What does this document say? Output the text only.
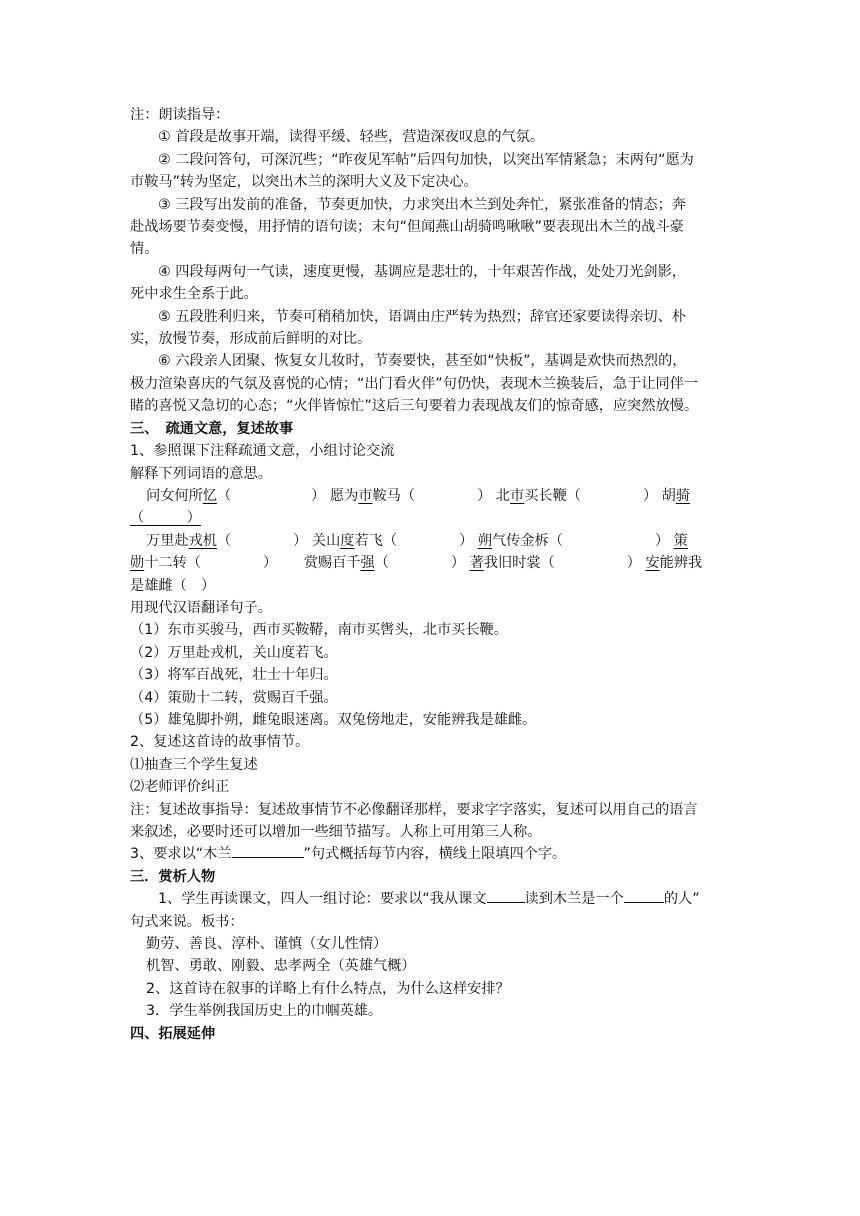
注：朗读指导：

① 首段是故事开端，读得平缓、轻些，营造深夜叹息的气氛。

② 二段问答句，可深沉些；“昨夜见军帖”后四句加快，以突出军情紧急；末两句“愿为

市鞍马”转为坚定，以突出木兰的深明大义及下定决心。

③ 三段写出发前的准备，节奏更加快，力求突出木兰到处奔忙，紧张准备的情态；奔

赴战场要节奏变慢，用抒情的语句读；末句“但闻燕山胡骑鸣啾啾”要表现出木兰的战斗豪

情。

④ 四段每两句一气读，速度更慢，基调应是悲壮的，十年艰苦作战，处处刀光剑影，

死中求生全系于此。

⑤ 五段胜利归来，节奏可稍稍加快，语调由庄严转为热烈；辞官还家要读得亲切、朴

实，放慢节奏，形成前后鲜明的对比。

⑥ 六段亲人团聚、恢复女儿妆时，节奏要快，甚至如“快板”，基调是欢快而热烈的，

极力渲染喜庆的气氛及喜悦的心情；“出门看火伴”句仍快，表现木兰换装后，急于让同伴一

睹的喜悦又急切的心态；“火伴皆惊忙”这后三句要着力表现战友们的惊奇感，应突然放慢。

三、　疏通文意，复述故事

1、参照课下注释疏通文意，小组讨论交流

解释下列词语的意思。

问女何所忆（	） 愿为市鞍马（	） 北市买长鞭（	） 胡骑

（　　　）

万里赴戎机（	） 关山度若飞（	） 朔气传金柝（	） 策

勋十二转（	） 赏赐百千强（	） 著我旧时裳（	） 安能辨我

是雄雌（　）

用现代汉语翻译句子。

（1）东市买骏马，西市买鞍鞯，南市买辔头，北市买长鞭。

（2）万里赴戎机，关山度若飞。

（3）将军百战死，壮士十年归。

（4）策勋十二转，赏赐百千强。

（5）雄兔脚扑朔，雌兔眼迷离。双兔傍地走，安能辨我是雄雌。

2、复述这首诗的故事情节。

⑴抽查三个学生复述

⑵老师评价纠正

注：复述故事指导：复述故事情节不必像翻译那样，要求字字落实，复述可以用自己的语言

来叙述，必要时还可以增加一些细节描写。人称上可用第三人称。

3、要求以“木兰	”句式概括每节内容，横线上限填四个字。

三．赏析人物

1、学生再读课文，四人一组讨论：要求以“我从课文	读到木兰是一个	的人”

句式来说。板书：

勤劳、善良、淳朴、谨慎（女儿性情）

机智、勇敢、刚毅、忠孝两全（英雄气概）

2、这首诗在叙事的详略上有什么特点，为什么这样安排？

3．学生举例我国历史上的巾帼英雄。

四、拓展延伸
